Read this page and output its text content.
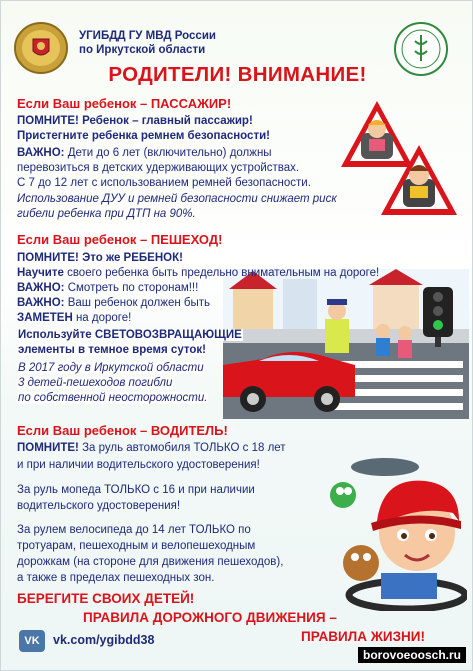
УГИБДД ГУ МВД России
по Иркутской области
РОДИТЕЛИ! ВНИМАНИЕ!
Если Ваш ребенок – ПАССАЖИР!
ПОМНИТЕ! Ребенок – главный пассажир!
Пристегните ребенка ремнем безопасности!
ВАЖНО: Дети до 6 лет (включительно) должны
перевозиться в детских удерживающих устройствах.
С 7 до 12 лет с использованием ремней безопасности.
Использование ДУУ и ремней безопасности снижает риск
гибели ребенка при ДТП на 90%.
Если Ваш ребенок – ПЕШЕХОД!
ПОМНИТЕ! Это же РЕБЕНОК!
Научите своего ребенка быть предельно внимательным на дороге!
ВАЖНО: Смотреть по сторонам!!!
ВАЖНО: Ваш ребенок должен быть
ЗАМЕТЕН на дороге!
Используйте СВЕТОВОЗВРАЩАЮЩИЕ
элементы в темное время суток!
В 2017 году в Иркутской области
3 детей-пешеходов погибли
по собственной неосторожности.
Если Ваш ребенок – ВОДИТЕЛЬ!
ПОМНИТЕ! За руль автомобиля ТОЛЬКО с 18 лет
и при наличии водительского удостоверения!
За руль мопеда ТОЛЬКО с 16 и при наличии
водительского удостоверения!
За рулем велосипеда до 14 лет ТОЛЬКО по
тротуарам, пешеходным и велопешеходным
дорожкам (на стороне для движения пешеходов),
а также в пределах пешеходных зон.
БЕРЕГИТЕ СВОИХ ДЕТЕЙ!
ПРАВИЛА ДОРОЖНОГО ДВИЖЕНИЯ –
ПРАВИЛА ЖИЗНИ!
VK	vk.com/ygibdd38
borovoeoosch.ru
